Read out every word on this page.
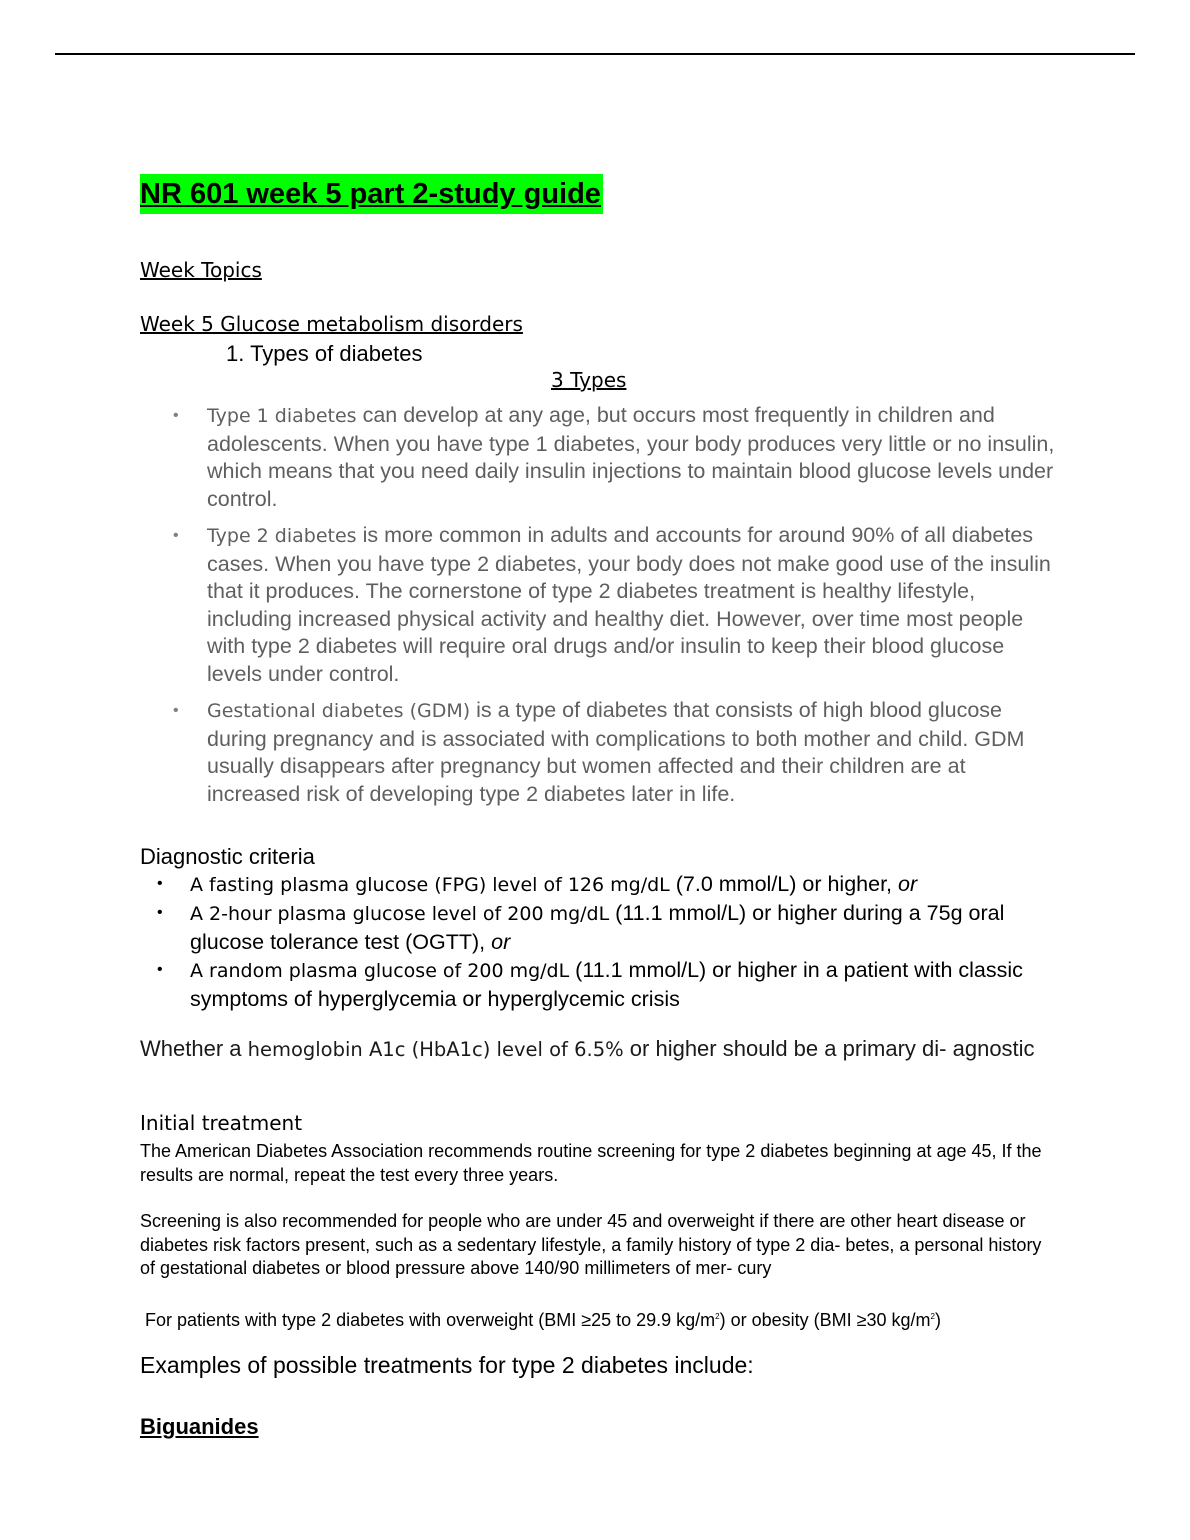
NR 601 week 5 part 2-study guide
Week Topics
Week 5 Glucose metabolism disorders
1. Types of diabetes
3 Types
• Type 1 diabetes can develop at any age, but occurs most frequently in children and adolescents. When you have type 1 diabetes, your body produces very little or no insulin, which means that you need daily insulin injections to maintain blood glucose levels under control.
• Type 2 diabetes is more common in adults and accounts for around 90% of all diabetes cases. When you have type 2 diabetes, your body does not make good use of the insulin that it produces. The cornerstone of type 2 diabetes treatment is healthy lifestyle, including increased physical activity and healthy diet. However, over time most people with type 2 diabetes will require oral drugs and/or insulin to keep their blood glucose levels under control.
• Gestational diabetes (GDM) is a type of diabetes that consists of high blood glucose during pregnancy and is associated with complications to both mother and child. GDM usually disappears after pregnancy but women affected and their children are at increased risk of developing type 2 diabetes later in life.
Diagnostic criteria
• A fasting plasma glucose (FPG) level of 126 mg/dL (7.0 mmol/L) or higher, or
• A 2-hour plasma glucose level of 200 mg/dL (11.1 mmol/L) or higher during a 75g oral glucose tolerance test (OGTT), or
• A random plasma glucose of 200 mg/dL (11.1 mmol/L) or higher in a patient with classic symptoms of hyperglycemia or hyperglycemic crisis

Whether a hemoglobin A1c (HbA1c) level of 6.5% or higher should be a primary di- agnostic

Initial treatment

The American Diabetes Association recommends routine screening for type 2 diabetes beginning at age 45, If the results are normal, repeat the test every three years.

Screening is also recommended for people who are under 45 and overweight if there are other heart disease or diabetes risk factors present, such as a sedentary lifestyle, a family history of type 2 dia- betes, a personal history of gestational diabetes or blood pressure above 140/90 millimeters of mer- cury

For patients with type 2 diabetes with overweight (BMI ≥25 to 29.9 $kg/m^2$) or obesity (BMI ≥30 $kg/m^2$)

Examples of possible treatments for type 2 diabetes include:
Biguanides
